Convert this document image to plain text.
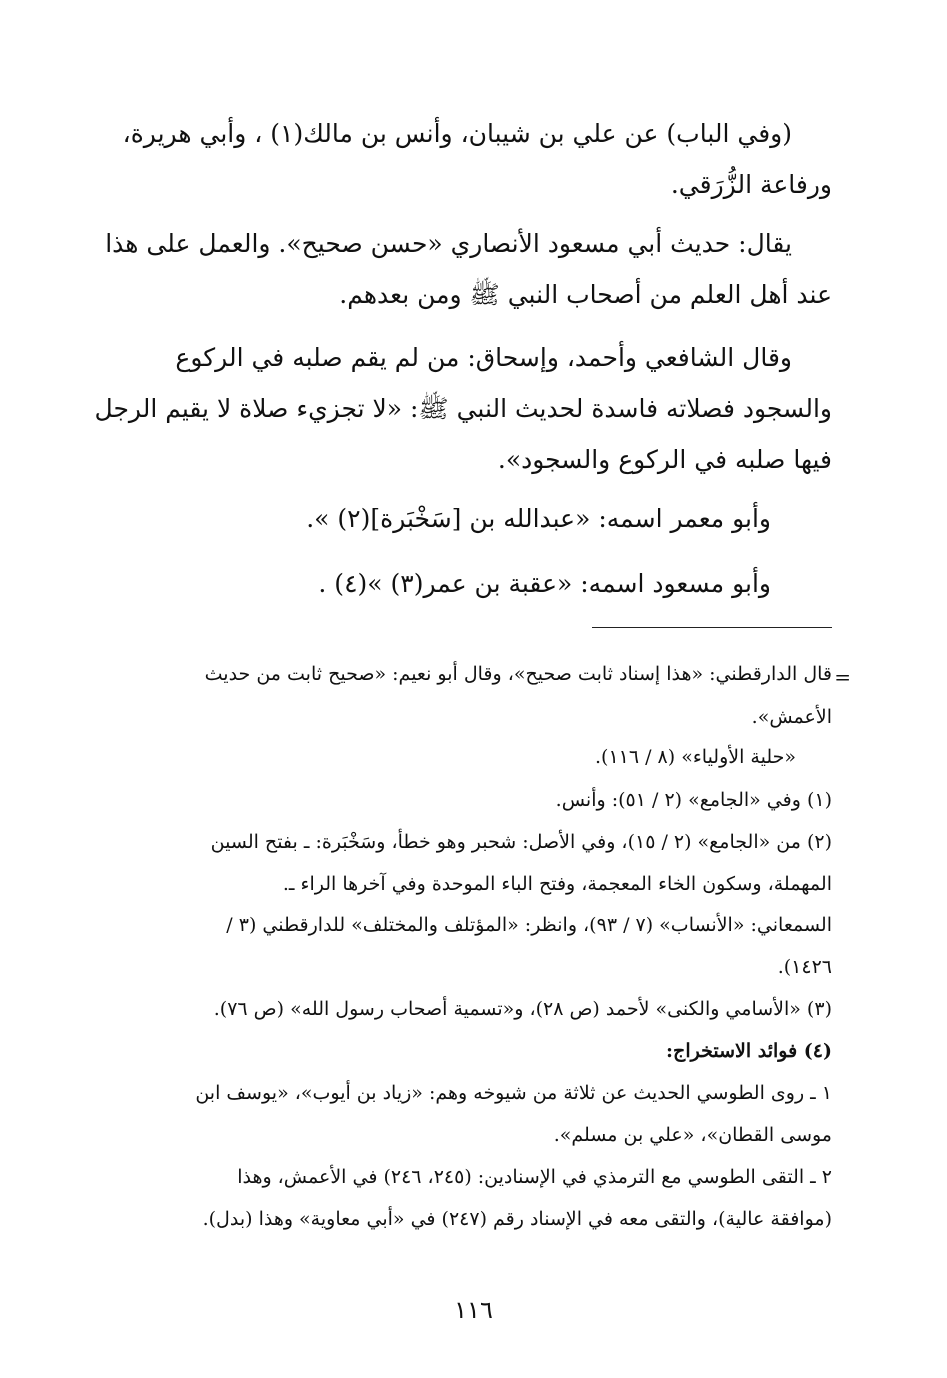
(وفي الباب) عن علي بن شيبان، وأنس بن مالك(١) ، وأبي هريرة،
ورفاعة الزُّرَقي.
يقال: حديث أبي مسعود الأنصاري «حسن صحيح». والعمل على هذا
عند أهل العلم من أصحاب النبي ﷺ ومن بعدهم.
وقال الشافعي وأحمد، وإسحاق: من لم يقم صلبه في الركوع
والسجود فصلاته فاسدة لحديث النبي ﷺ: «لا تجزيء صلاة لا يقيم الرجل
فيها صلبه في الركوع والسجود».
وأبو معمر اسمه: «عبدالله بن [سَخْبَرة](٢) ».
وأبو مسعود اسمه: «عقبة بن عمر(٣) »(٤) .
=
قال الدارقطني: «هذا إسناد ثابت صحيح»، وقال أبو نعيم: «صحيح ثابت من حديث
الأعمش».
«حلية الأولياء» (٨ / ١١٦).
(١) وفي «الجامع» (٢ / ٥١): وأنس.
(٢) من «الجامع» (٢ / ١٥)، وفي الأصل: شحبر وهو خطأ، وسَخْبَرة: ـ بفتح السين
المهملة، وسكون الخاء المعجمة، وفتح الباء الموحدة وفي آخرها الراء ـ.
السمعاني: «الأنساب» (٧ / ٩٣)، وانظر: «المؤتلف والمختلف» للدارقطني (٣ /
١٤٢٦).
(٣) «الأسامي والكنى» لأحمد (ص ٢٨)، و«تسمية أصحاب رسول الله» (ص ٧٦).
(٤) فوائد الاستخراج:
١ ـ روى الطوسي الحديث عن ثلاثة من شيوخه وهم: «زياد بن أيوب»، «يوسف ابن
موسى القطان»، «علي بن مسلم».
٢ ـ التقى الطوسي مع الترمذي في الإسنادين: (٢٤٥، ٢٤٦) في الأعمش، وهذا
(موافقة عالية)، والتقى معه في الإسناد رقم (٢٤٧) في «أبي معاوية» وهذا (بدل).
١١٦
